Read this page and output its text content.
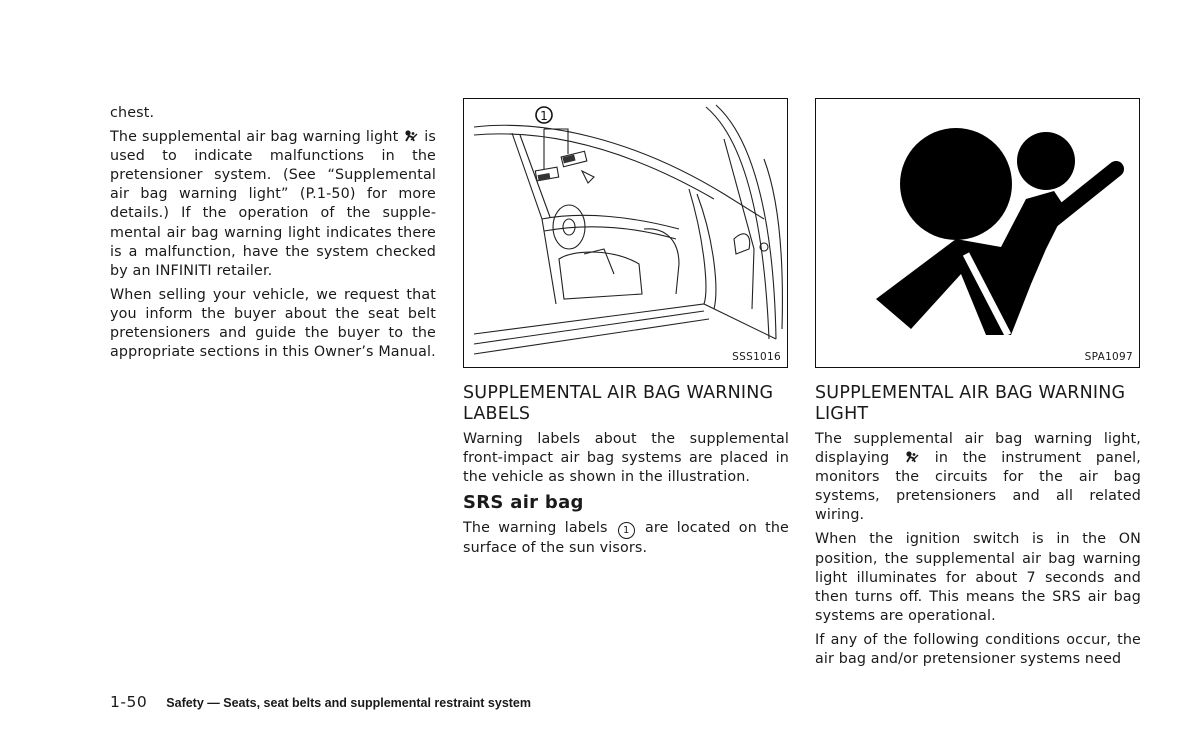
chest.

The supplemental air bag warning light is used to indicate malfunctions in the pretensioner system. (See “Supplemental air bag warning light” (P.1-50) for more details.) If the operation of the supplemental air bag warning light indicates there is a malfunction, have the system checked by an INFINITI retailer.

When selling your vehicle, we request that you inform the buyer about the seat belt pretensioners and guide the buyer to the appropriate sections in this Owner’s Manual.

1
SSS1016	SPA1097
SUPPLEMENTAL AIR BAG WARNING LABELS

Warning labels about the supplemental front-impact air bag systems are placed in the vehicle as shown in the illustration.

SRS air bag

The warning labels 1 are located on the surface of the sun visors.

SUPPLEMENTAL AIR BAG WARNING LIGHT

The supplemental air bag warning light, displaying	in the instrument panel, monitors the circuits for the air bag systems, pretensioners and all related wiring.

When the ignition switch is in the ON position, the supplemental air bag warning light illuminates for about 7 seconds and then turns off. This means the SRS air bag systems are operational.

If any of the following conditions occur, the air bag and/or pretensioner systems need

1-50 Safety — Seats, seat belts and supplemental restraint system
